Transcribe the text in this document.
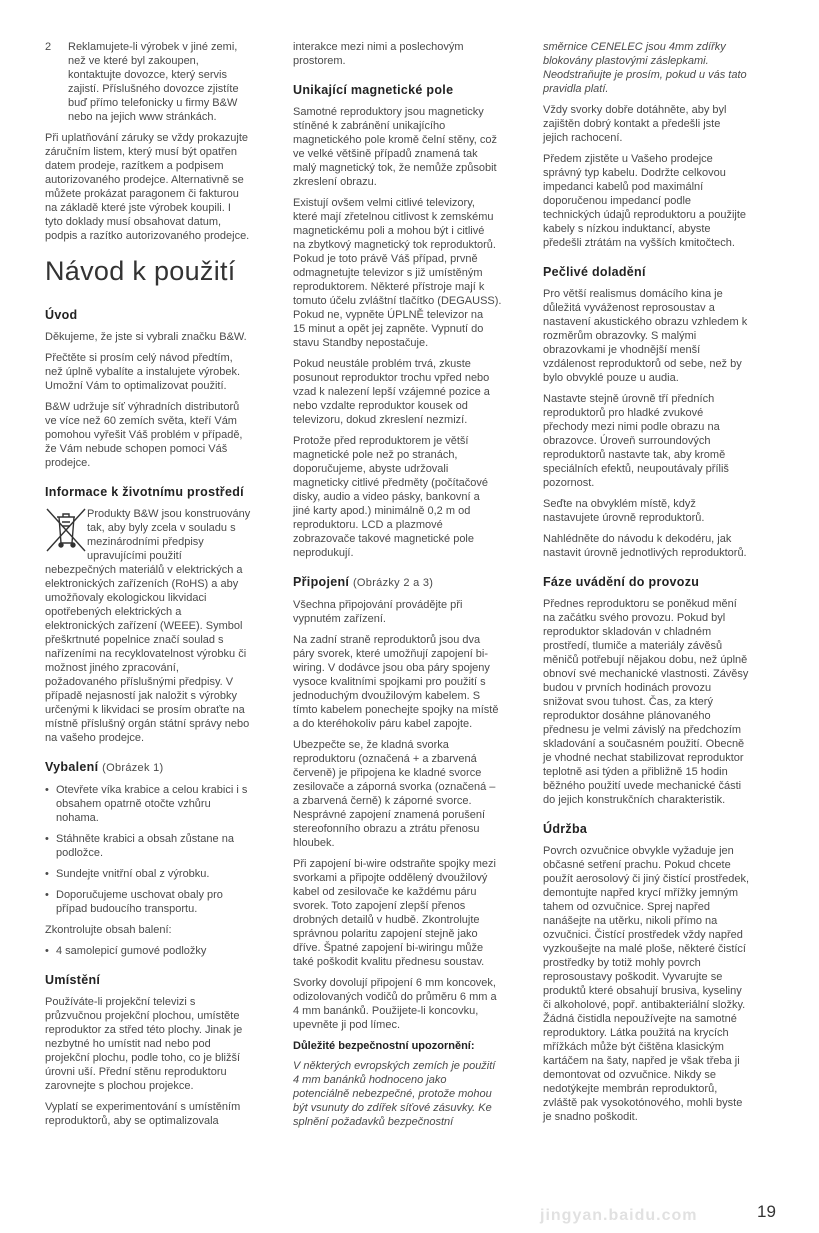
2	Reklamujete-li výrobek v jiné zemi,
než ve které byl zakoupen,
kontaktujte dovozce, který servis
zajistí. Příslušného dovozce zjistíte
buď přímo telefonicky u firmy B&W
nebo na jejich www stránkách.

Při uplatňování záruky se vždy prokazujte
záručním listem, který musí být opatřen
datem prodeje, razítkem a podpisem
autorizovaného prodejce. Alternativně se
můžete prokázat paragonem či fakturou
na základě které jste výrobek koupili. I
tyto doklady musí obsahovat datum,
podpis a razítko autorizovaného prodejce.

Návod k použití
Úvod

Děkujeme, že jste si vybrali značku B&W.

Přečtěte si prosím celý návod předtím,
než úplně vybalíte a instalujete výrobek.
Umožní Vám to optimalizovat použití.

B&W udržuje síť výhradních distributorů
ve více než 60 zemích světa, kteří Vám
pomohou vyřešit Váš problém v případě,
že Vám nebude schopen pomoci Váš
prodejce.

Informace k životnímu prostředí

Produkty B&W jsou konstruovány
tak, aby byly zcela v souladu s
mezinárodními předpisy
upravujícími použití

nebezpečných materiálů v elektrických a
elektronických zařízeních (RoHS) a aby
umožňovaly ekologickou likvidaci
opotřebených elektrických a
elektronických zařízení (WEEE). Symbol
přeškrtnuté popelnice značí soulad s
nařízeními na recyklovatelnost výrobku či
možnost jiného zpracování,
požadovaného příslušnými předpisy. V
případě nejasností jak naložit s výrobky
určenými k likvidaci se prosím obraťte na
místně příslušný orgán státní správy nebo
na vašeho prodejce.

Vybalení (Obrázek 1)
• Otevřete víka krabice a celou krabici i s
obsahem opatrně otočte vzhůru
nohama.
• Stáhněte krabici a obsah zůstane na
podložce.
• Sundejte vnitřní obal z výrobku.
• Doporučujeme uschovat obaly pro
případ budoucího transportu.

Zkontrolujte obsah balení:

• 4 samolepicí gumové podložky
Umístění

Používáte-li projekční televizi s
průzvučnou projekční plochou, umístěte
reproduktor za střed této plochy. Jinak je
nezbytné ho umístit nad nebo pod
projekční plochu, podle toho, co je bližší
úrovni uší. Přední stěnu reproduktoru
zarovnejte s plochou projekce.

Vyplatí se experimentování s umístěním
reproduktorů, aby se optimalizovala

interakce mezi nimi a poslechovým
prostorem.

Unikající magnetické pole

Samotné reproduktory jsou magneticky
stíněné k zabránění unikajícího
magnetického pole kromě čelní stěny, což
ve velké většině případů znamená tak
malý magnetický tok, že nemůže způsobit
zkreslení obrazu.

Existují ovšem velmi citlivé televizory,
které mají zřetelnou citlivost k zemskému
magnetickému poli a mohou být i citlivé
na zbytkový magnetický tok reproduktorů.
Pokud je toto právě Váš případ, prvně
odmagnetujte televizor s již umístěným
reproduktorem. Některé přístroje mají k
tomuto účelu zvláštní tlačítko (DEGAUSS).
Pokud ne, vypněte ÚPLNĚ televizor na
15 minut a opět jej zapněte. Vypnutí do
stavu Standby nepostačuje.

Pokud neustále problém trvá, zkuste
posunout reproduktor trochu vpřed nebo
vzad k nalezení lepší vzájemné pozice a
nebo vzdalte reproduktor kousek od
televizoru, dokud zkreslení nezmizí.

Protože před reproduktorem je větší
magnetické pole než po stranách,
doporučujeme, abyste udržovali
magneticky citlivé předměty (počítačové
disky, audio a video pásky, bankovní a
jiné karty apod.) minimálně 0,2 m od
reproduktoru. LCD a plazmové
zobrazovače takové magnetické pole
neprodukují.

Připojení (Obrázky 2 a 3)

Všechna připojování provádějte při
vypnutém zařízení.

Na zadní straně reproduktorů jsou dva
páry svorek, které umožňují zapojení bi-
wiring. V dodávce jsou oba páry spojeny
vysoce kvalitními spojkami pro použití s
jednoduchým dvoužilovým kabelem. S
tímto kabelem ponechejte spojky na místě
a do kteréhokoliv páru kabel zapojte.

Ubezpečte se, že kladná svorka
reproduktoru (označená + a zbarvená
červeně) je připojena ke kladné svorce
zesilovače a záporná svorka (označená –
a zbarvená černě) k záporné svorce.
Nesprávné zapojení znamená porušení
stereofonního obrazu a ztrátu přenosu
hloubek.

Při zapojení bi-wire odstraňte spojky mezi
svorkami a připojte oddělený dvoužilový
kabel od zesilovače ke každému páru
svorek. Toto zapojení zlepší přenos
drobných detailů v hudbě. Zkontrolujte
správnou polaritu zapojení stejně jako
dříve. Špatné zapojení bi-wiringu může
také poškodit kvalitu přednesu soustav.

Svorky dovolují připojení 6 mm koncovek,
odizolovaných vodičů do průměru 6 mm a
4 mm banánků. Použijete-li koncovku,
upevněte ji pod límec.

Důležité bezpečnostní upozornění:

V některých evropských zemích je použití
4 mm banánků hodnoceno jako
potenciálně nebezpečné, protože mohou
být vsunuty do zdířek síťové zásuvky. Ke
splnění požadavků bezpečnostní

směrnice CENELEC jsou 4mm zdířky
blokovány plastovými záslepkami.
Neodstraňujte je prosím, pokud u vás tato
pravidla platí.

Vždy svorky dobře dotáhněte, aby byl
zajištěn dobrý kontakt a předešli jste
jejich rachocení.

Předem zjistěte u Vašeho prodejce
správný typ kabelu. Dodržte celkovou
impedanci kabelů pod maximální
doporučenou impedancí podle
technických údajů reproduktoru a použijte
kabely s nízkou induktancí, abyste
předešli ztrátám na vyšších kmitočtech.

Pečlivé doladění

Pro větší realismus domácího kina je
důležitá vyváženost reprosoustav a
nastavení akustického obrazu vzhledem k
rozměrům obrazovky. S malými
obrazovkami je vhodnější menší
vzdálenost reproduktorů od sebe, než by
bylo obvyklé pouze u audia.

Nastavte stejně úrovně tří předních
reproduktorů pro hladké zvukové
přechody mezi nimi podle obrazu na
obrazovce. Úroveň surroundových
reproduktorů nastavte tak, aby kromě
speciálních efektů, neupoutávaly příliš
pozornost.

Seďte na obvyklém místě, když
nastavujete úrovně reproduktorů.

Nahlédněte do návodu k dekodéru, jak
nastavit úrovně jednotlivých reproduktorů.

Fáze uvádění do provozu

Přednes reproduktoru se poněkud mění
na začátku svého provozu. Pokud byl
reproduktor skladován v chladném
prostředí, tlumiče a materiály závěsů
měničů potřebují nějakou dobu, než úplně
obnoví své mechanické vlastnosti. Závěsy
budou v prvních hodinách provozu
snižovat svou tuhost. Čas, za který
reproduktor dosáhne plánovaného
přednesu je velmi závislý na předchozím
skladování a současném použití. Obecně
je vhodné nechat stabilizovat reproduktor
teplotně asi týden a přibližně 15 hodin
běžného použití uvede mechanické části
do jejich konstrukčních charakteristik.

Údržba

Povrch ozvučnice obvykle vyžaduje jen
občasné setření prachu. Pokud chcete
použít aerosolový či jiný čistící prostředek,
demontujte napřed krycí mřížky jemným
tahem od ozvučnice. Sprej napřed
nanášejte na utěrku, nikoli přímo na
ozvučnici. Čistící prostředek vždy napřed
vyzkoušejte na malé ploše, některé čistící
prostředky by totiž mohly povrch
reprosoustavy poškodit. Vyvarujte se
produktů které obsahují brusiva, kyseliny
či alkoholové, popř. antibakteriální složky.
Žádná čistidla nepoužívejte na samotné
reproduktory. Látka použitá na krycích
mřížkách může být čištěna klasickým
kartáčem na šaty, napřed je však třeba ji
demontovat od ozvučnice. Nikdy se
nedotýkejte membrán reproduktorů,
zvláště pak vysokotónového, mohli byste
je snadno poškodit.

jingyan.baidu.com	19
